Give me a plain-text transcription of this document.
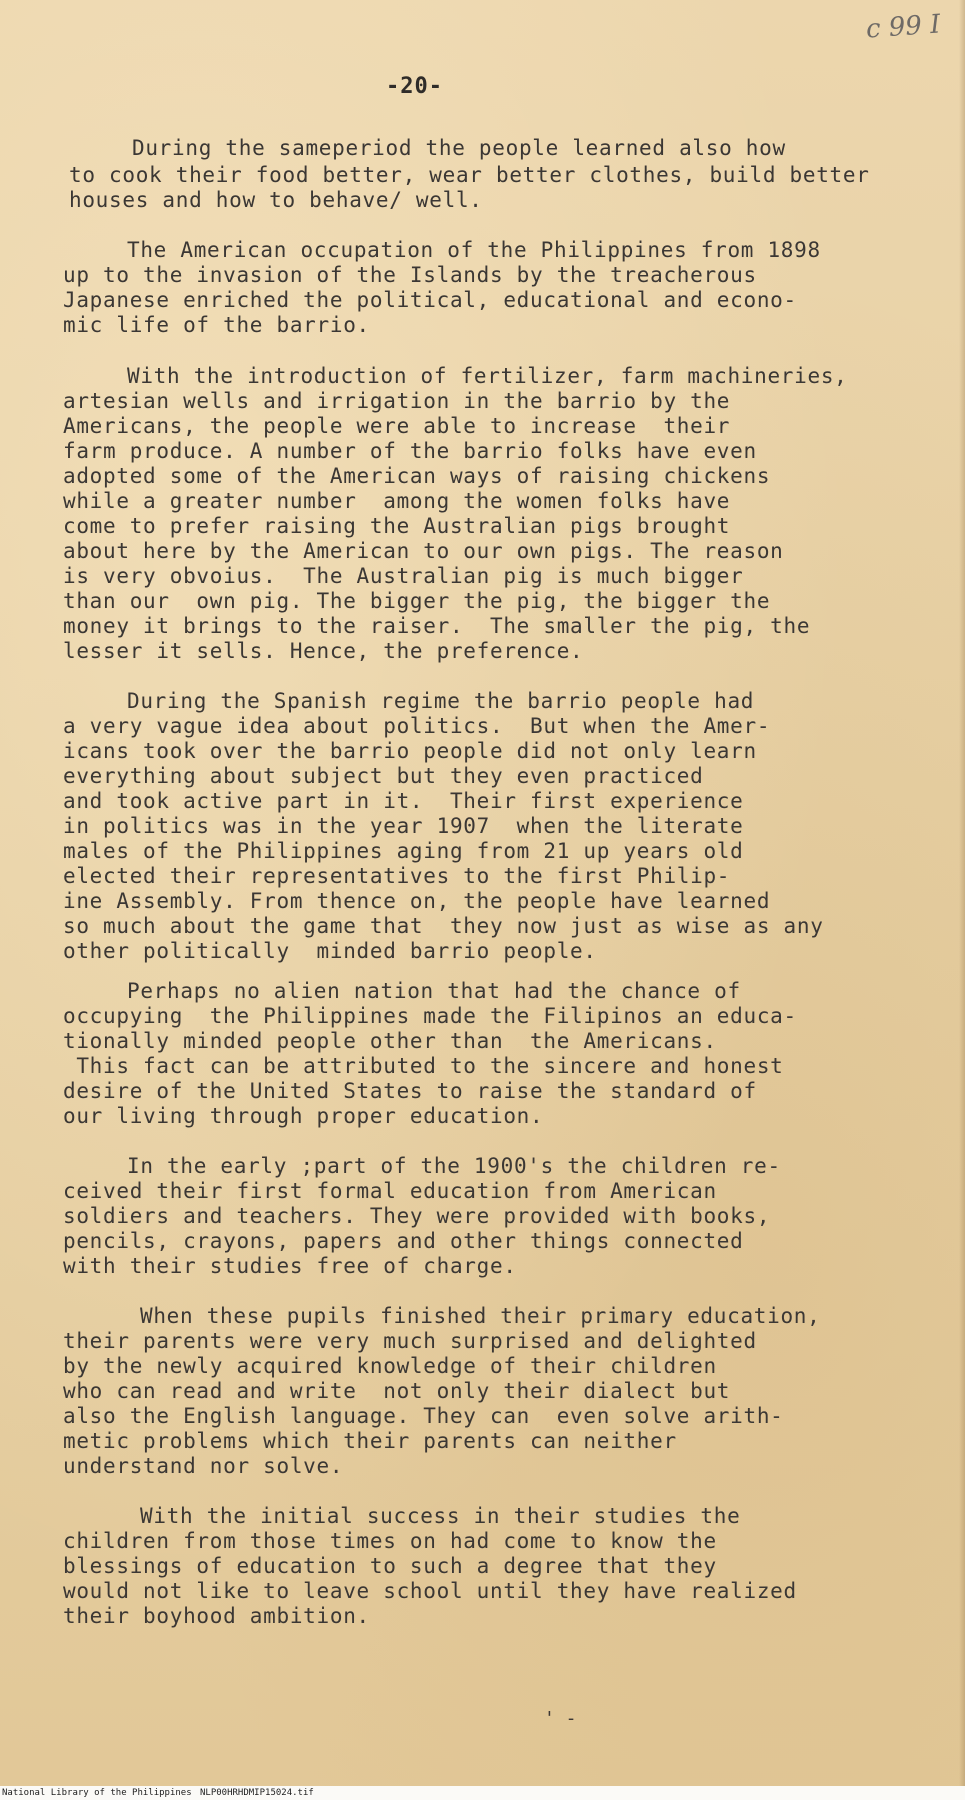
c 99 I
-20-
During the sameperiod the people learned also how
to cook their food better, wear better clothes, build better
houses and how to behave/ well.
The American occupation of the Philippines from 1898
up to the invasion of the Islands by the treacherous
Japanese enriched the political, educational and econo-
mic life of the barrio.
With the introduction of fertilizer, farm machineries,
artesian wells and irrigation in the barrio by the
Americans, the people were able to increase  their
farm produce. A number of the barrio folks have even
adopted some of the American ways of raising chickens
while a greater number  among the women folks have
come to prefer raising the Australian pigs brought
about here by the American to our own pigs. The reason
is very obvoius.  The Australian pig is much bigger
than our  own pig. The bigger the pig, the bigger the
money it brings to the raiser.  The smaller the pig, the
lesser it sells. Hence, the preference.
During the Spanish regime the barrio people had
a very vague idea about politics.  But when the Amer-
icans took over the barrio people did not only learn
everything about subject but they even practiced
and took active part in it.  Their first experience
in politics was in the year 1907  when the literate
males of the Philippines aging from 21 up years old
elected their representatives to the first Philip-
ine Assembly. From thence on, the people have learned
so much about the game that  they now just as wise as any
other politically  minded barrio people.
Perhaps no alien nation that had the chance of
occupying  the Philippines made the Filipinos an educa-
tionally minded people other than  the Americans.
This fact can be attributed to the sincere and honest
desire of the United States to raise the standard of
our living through proper education.
In the early ;part of the 1900's the children re-
ceived their first formal education from American
soldiers and teachers. They were provided with books,
pencils, crayons, papers and other things connected
with their studies free of charge.
When these pupils finished their primary education,
their parents were very much surprised and delighted
by the newly acquired knowledge of their children
who can read and write  not only their dialect but
also the English language. They can  even solve arith-
metic problems which their parents can neither
understand nor solve.
With the initial success in their studies the
children from those times on had come to know the
blessings of education to such a degree that they
would not like to leave school until they have realized
their boyhood ambition.
' -
National Library of the Philippines NLP00HRHDMIP15024.tif
